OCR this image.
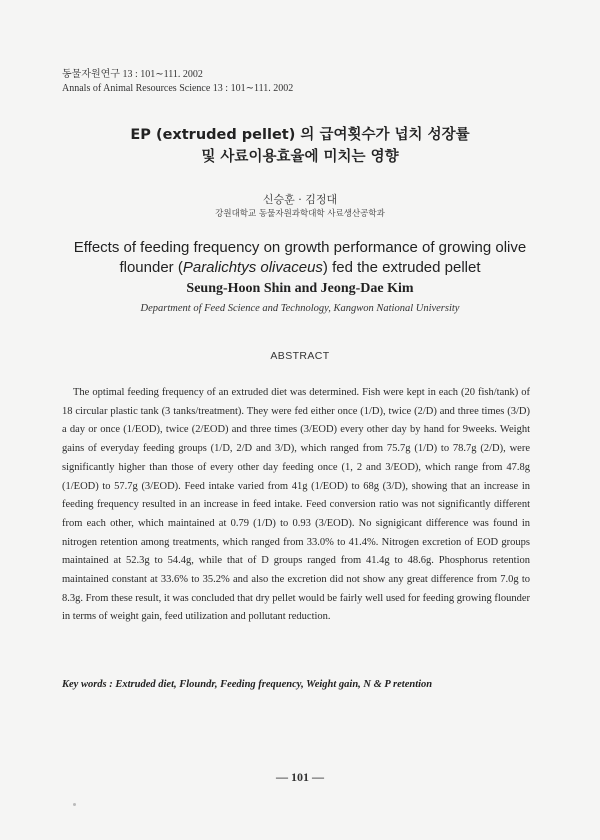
동물자원연구 13 : 101∼111. 2002
Annals of Animal Resources Science 13 : 101∼111. 2002
EP (extruded pellet) 의 급여횟수가 넙치 성장률
및 사료이용효율에 미치는 영향
신승훈 · 김정대
강원대학교 동물자원과학대학 사료생산공학과
Effects of feeding frequency on growth performance of growing olive
flounder (Paralichtys olivaceus) fed the extruded pellet
Seung-Hoon Shin and Jeong-Dae Kim
Department of Feed Science and Technology, Kangwon National University
ABSTRACT
The optimal feeding frequency of an extruded diet was determined. Fish were kept in each (20 fish/tank) of 18 circular plastic tank (3 tanks/treatment). They were fed either once (1/D), twice (2/D) and three times (3/D) a day or once (1/EOD), twice (2/EOD) and three times (3/EOD) every other day by hand for 9weeks. Weight gains of everyday feeding groups (1/D, 2/D and 3/D), which ranged from 75.7g (1/D) to 78.7g (2/D), were significantly higher than those of every other day feeding once (1, 2 and 3/EOD), which range from 47.8g (1/EOD) to 57.7g (3/EOD). Feed intake varied from 41g (1/EOD) to 68g (3/D), showing that an increase in feeding frequency resulted in an increase in feed intake. Feed conversion ratio was not significantly different from each other, which maintained at 0.79 (1/D) to 0.93 (3/EOD). No signigicant difference was found in nitrogen retention among treatments, which ranged from 33.0% to 41.4%. Nitrogen excretion of EOD groups maintained at 52.3g to 54.4g, while that of D groups ranged from 41.4g to 48.6g. Phosphorus retention maintained constant at 33.6% to 35.2% and also the excretion did not show any great difference from 7.0g to 8.3g. From these result, it was concluded that dry pellet would be fairly well used for feeding growing flounder in terms of weight gain, feed utilization and pollutant reduction.
Key words : Extruded diet, Floundr, Feeding frequency, Weight gain, N & P retention
— 101 —
